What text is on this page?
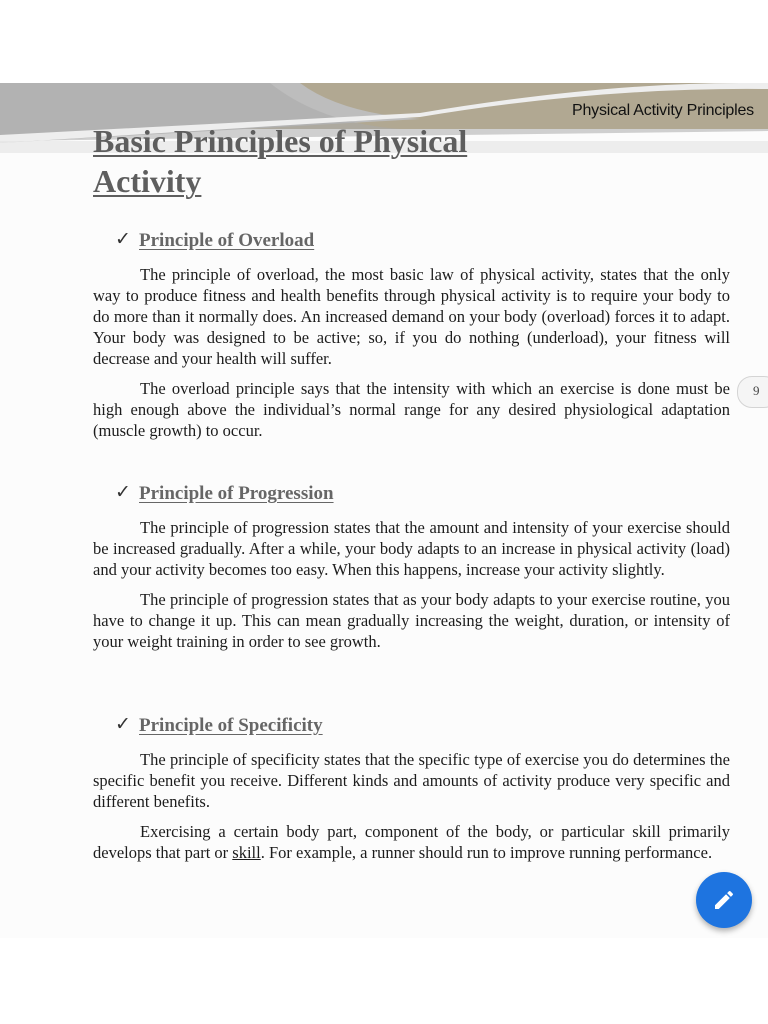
Physical Activity Principles
Basic Principles of Physical
Activity
✓ Principle of Overload

The principle of overload, the most basic law of physical activity, states that the only way to produce fitness and health benefits through physical activity is to require your body to do more than it normally does. An increased demand on your body (overload) forces it to adapt. Your body was designed to be active; so, if you do nothing (underload), your fitness will decrease and your health will suffer.

The overload principle says that the intensity with which an exercise is done must be high enough above the individual’s normal range for any desired physiological adaptation (muscle growth) to occur.

✓ Principle of Progression

The principle of progression states that the amount and intensity of your exercise should be increased gradually. After a while, your body adapts to an increase in physical activity (load) and your activity becomes too easy. When this happens, increase your activity slightly.

The principle of progression states that as your body adapts to your exercise routine, you have to change it up. This can mean gradually increasing the weight, duration, or intensity of your weight training in order to see growth.

✓ Principle of Specificity

The principle of specificity states that the specific type of exercise you do determines the specific benefit you receive. Different kinds and amounts of activity produce very specific and different benefits.

Exercising a certain body part, component of the body, or particular skill primarily develops that part or skill. For example, a runner should run to improve running performance.

9
